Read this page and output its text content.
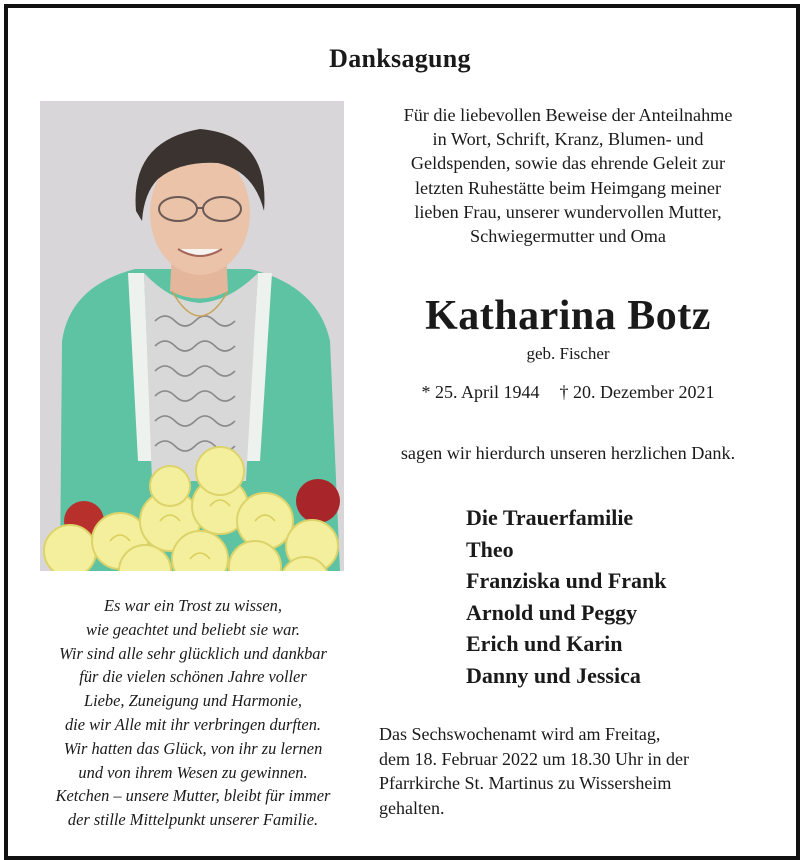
Danksagung
Es war ein Trost zu wissen,
wie geachtet und beliebt sie war.
Wir sind alle sehr glücklich und dankbar
für die vielen schönen Jahre voller
Liebe, Zuneigung und Harmonie,
die wir Alle mit ihr verbringen durften.
Wir hatten das Glück, von ihr zu lernen
und von ihrem Wesen zu gewinnen.
Ketchen – unsere Mutter, bleibt für immer
der stille Mittelpunkt unserer Familie.
Für die liebevollen Beweise der Anteilnahme
in Wort, Schrift, Kranz, Blumen- und
Geldspenden, sowie das ehrende Geleit zur
letzten Ruhestätte beim Heimgang meiner
lieben Frau, unserer wundervollen Mutter,
Schwiegermutter und Oma
Katharina Botz
geb. Fischer
* 25. April 1944 † 20. Dezember 2021
sagen wir hierdurch unseren herzlichen Dank.
Die Trauerfamilie
Theo
Franziska und Frank
Arnold und Peggy
Erich und Karin
Danny und Jessica
Das Sechswochenamt wird am Freitag,
dem 18. Februar 2022 um 18.30 Uhr in der
Pfarrkirche St. Martinus zu Wissersheim
gehalten.
